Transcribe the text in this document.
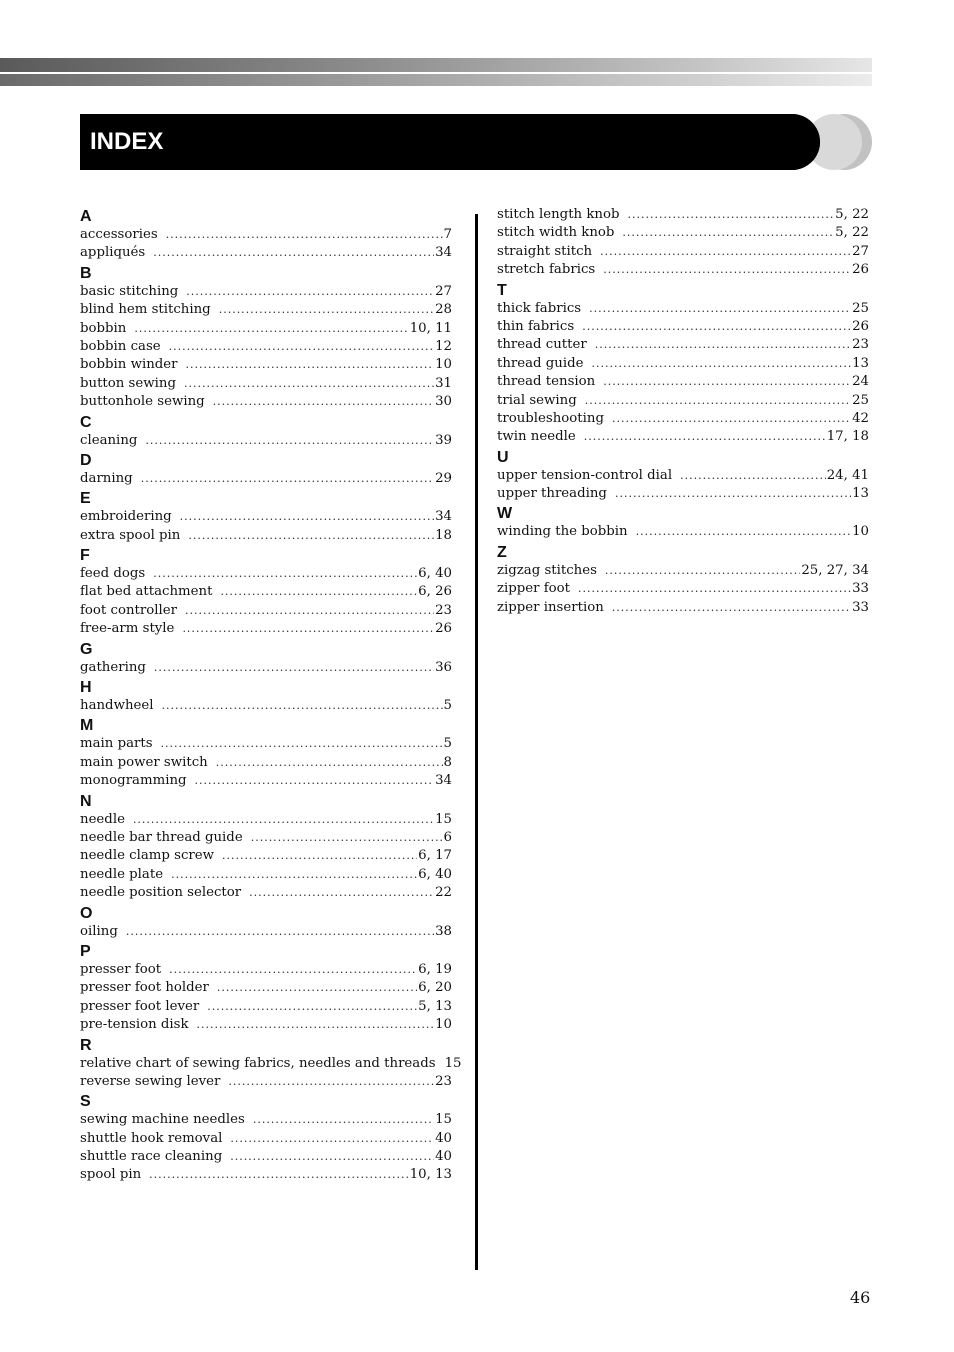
INDEX
A
accessories .....	7
appliqués .....	34
B
basic stitching .....	27
blind hem stitching .....	28
bobbin .....	10, 11
bobbin case .....	12
bobbin winder .....	10
button sewing .....	31
buttonhole sewing .....	30
C
cleaning .....	39
D
darning .....	29
E
embroidering .....	34
extra spool pin .....	18
F
feed dogs .....	6, 40
flat bed attachment .....	6, 26
foot controller .....	23
free-arm style .....	26
G
gathering .....	36
H
handwheel .....	5
M
main parts .....	5
main power switch .....	8
monogramming .....	34
N
needle .....	15
needle bar thread guide .....	6
needle clamp screw .....	6, 17
needle plate .....	6, 40
needle position selector .....	22
O
oiling .....	38
P
presser foot .....	6, 19
presser foot holder .....	6, 20
presser foot lever .....	5, 13
pre-tension disk .....	10
R
relative chart of sewing fabrics, needles and threads 15
reverse sewing lever .....	23
S
sewing machine needles .....	15
shuttle hook removal .....	40
shuttle race cleaning .....	40
spool pin .....	10, 13
stitch length knob .....	5, 22
stitch width knob .....	5, 22
straight stitch .....	27
stretch fabrics .....	26
T
thick fabrics .....	25
thin fabrics .....	26
thread cutter .....	23
thread guide .....	13
thread tension .....	24
trial sewing .....	25
troubleshooting .....	42
twin needle .....	17, 18
U
upper tension-control dial .....	24, 41
upper threading .....	13
W
winding the bobbin .....	10
Z
zigzag stitches .....	25, 27, 34
zipper foot .....	33
zipper insertion .....	33
46
